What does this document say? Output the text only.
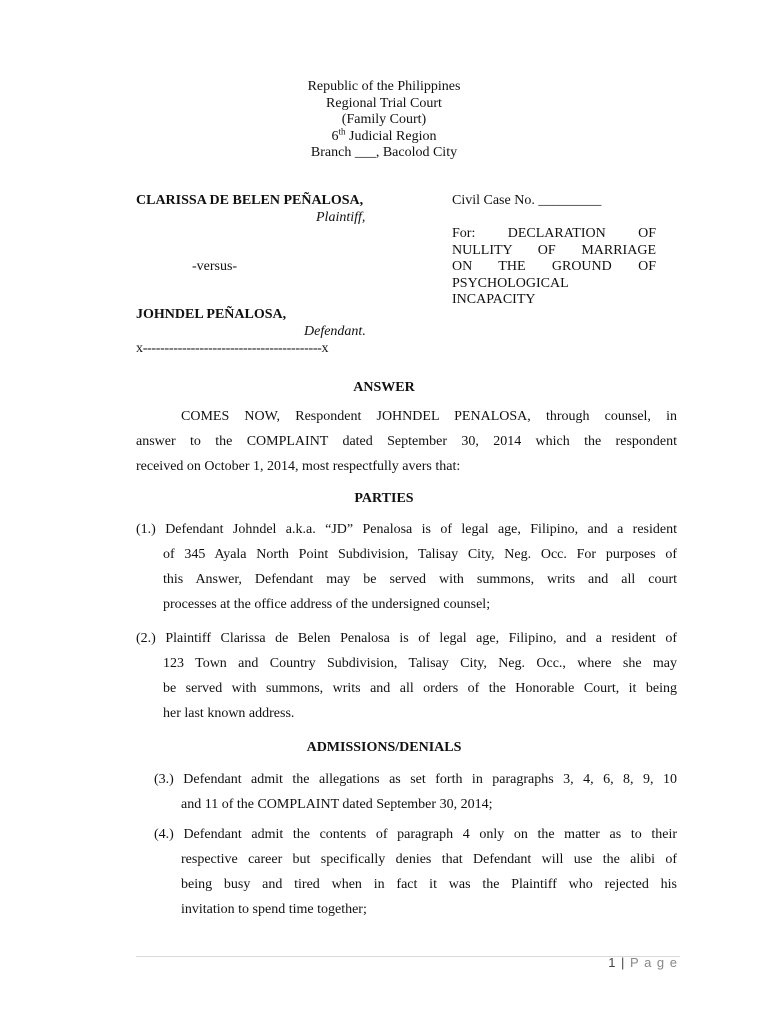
Republic of the Philippines
Regional Trial Court
(Family Court)
6th Judicial Region
Branch ___, Bacolod City
CLARISSA DE BELEN PEÑALOSA,
Plaintiff,
-versus-
JOHNDEL PEÑALOSA,
Defendant.
x-----------------------------------------x
Civil Case No. _________
For: DECLARATION OF
NULLITY OF MARRIAGE
ON THE GROUND OF
PSYCHOLOGICAL
INCAPACITY
ANSWER
COMES NOW, Respondent JOHNDEL PENALOSA, through counsel, in
answer to the COMPLAINT dated September 30, 2014 which the respondent
received on October 1, 2014, most respectfully avers that:
PARTIES
(1.) Defendant Johndel a.k.a. “JD” Penalosa is of legal age, Filipino, and a resident
of 345 Ayala North Point Subdivision, Talisay City, Neg. Occ. For purposes of
this Answer, Defendant may be served with summons, writs and all court
processes at the office address of the undersigned counsel;
(2.) Plaintiff Clarissa de Belen Penalosa is of legal age, Filipino, and a resident of
123 Town and Country Subdivision, Talisay City, Neg. Occ., where she may
be served with summons, writs and all orders of the Honorable Court, it being
her last known address.
ADMISSIONS/DENIALS
(3.) Defendant admit the allegations as set forth in paragraphs 3, 4, 6, 8, 9, 10
and 11 of the COMPLAINT dated September 30, 2014;
(4.) Defendant admit the contents of paragraph 4 only on the matter as to their
respective career but specifically denies that Defendant will use the alibi of
being busy and tired when in fact it was the Plaintiff who rejected his
invitation to spend time together;
1 | P a g e
